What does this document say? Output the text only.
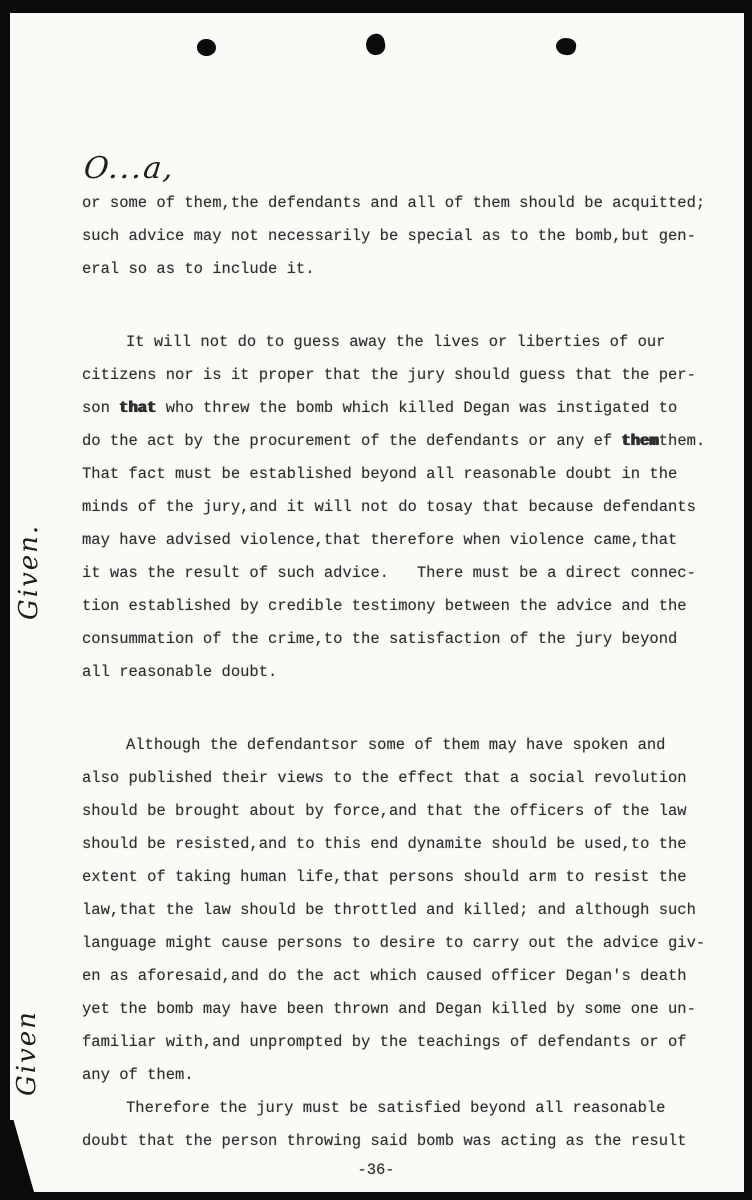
O...a,
Given.
Given
or some of them,the defendants and all of them should be acquitted;
such advice may not necessarily be special as to the bomb,but gen-
eral so as to include it.
It will not do to guess away the lives or liberties of our
citizens nor is it proper that the jury should guess that the per-
son that who threw the bomb which killed Degan was instigated to
do the act by the procurement of the defendants or any ef themthem.
That fact must be established beyond all reasonable doubt in the
minds of the jury,and it will not do tosay that because defendants
may have advised violence,that therefore when violence came,that
it was the result of such advice.   There must be a direct connec-
tion established by credible testimony between the advice and the
consummation of the crime,to the satisfaction of the jury beyond
all reasonable doubt.
Although the defendantsor some of them may have spoken and
also published their views to the effect that a social revolution
should be brought about by force,and that the officers of the law
should be resisted,and to this end dynamite should be used,to the
extent of taking human life,that persons should arm to resist the
law,that the law should be throttled and killed; and although such
language might cause persons to desire to carry out the advice giv-
en as aforesaid,and do the act which caused officer Degan's death
yet the bomb may have been thrown and Degan killed by some one un-
familiar with,and unprompted by the teachings of defendants or of
any of them.
Therefore the jury must be satisfied beyond all reasonable
doubt that the person throwing said bomb was acting as the result
-36-
